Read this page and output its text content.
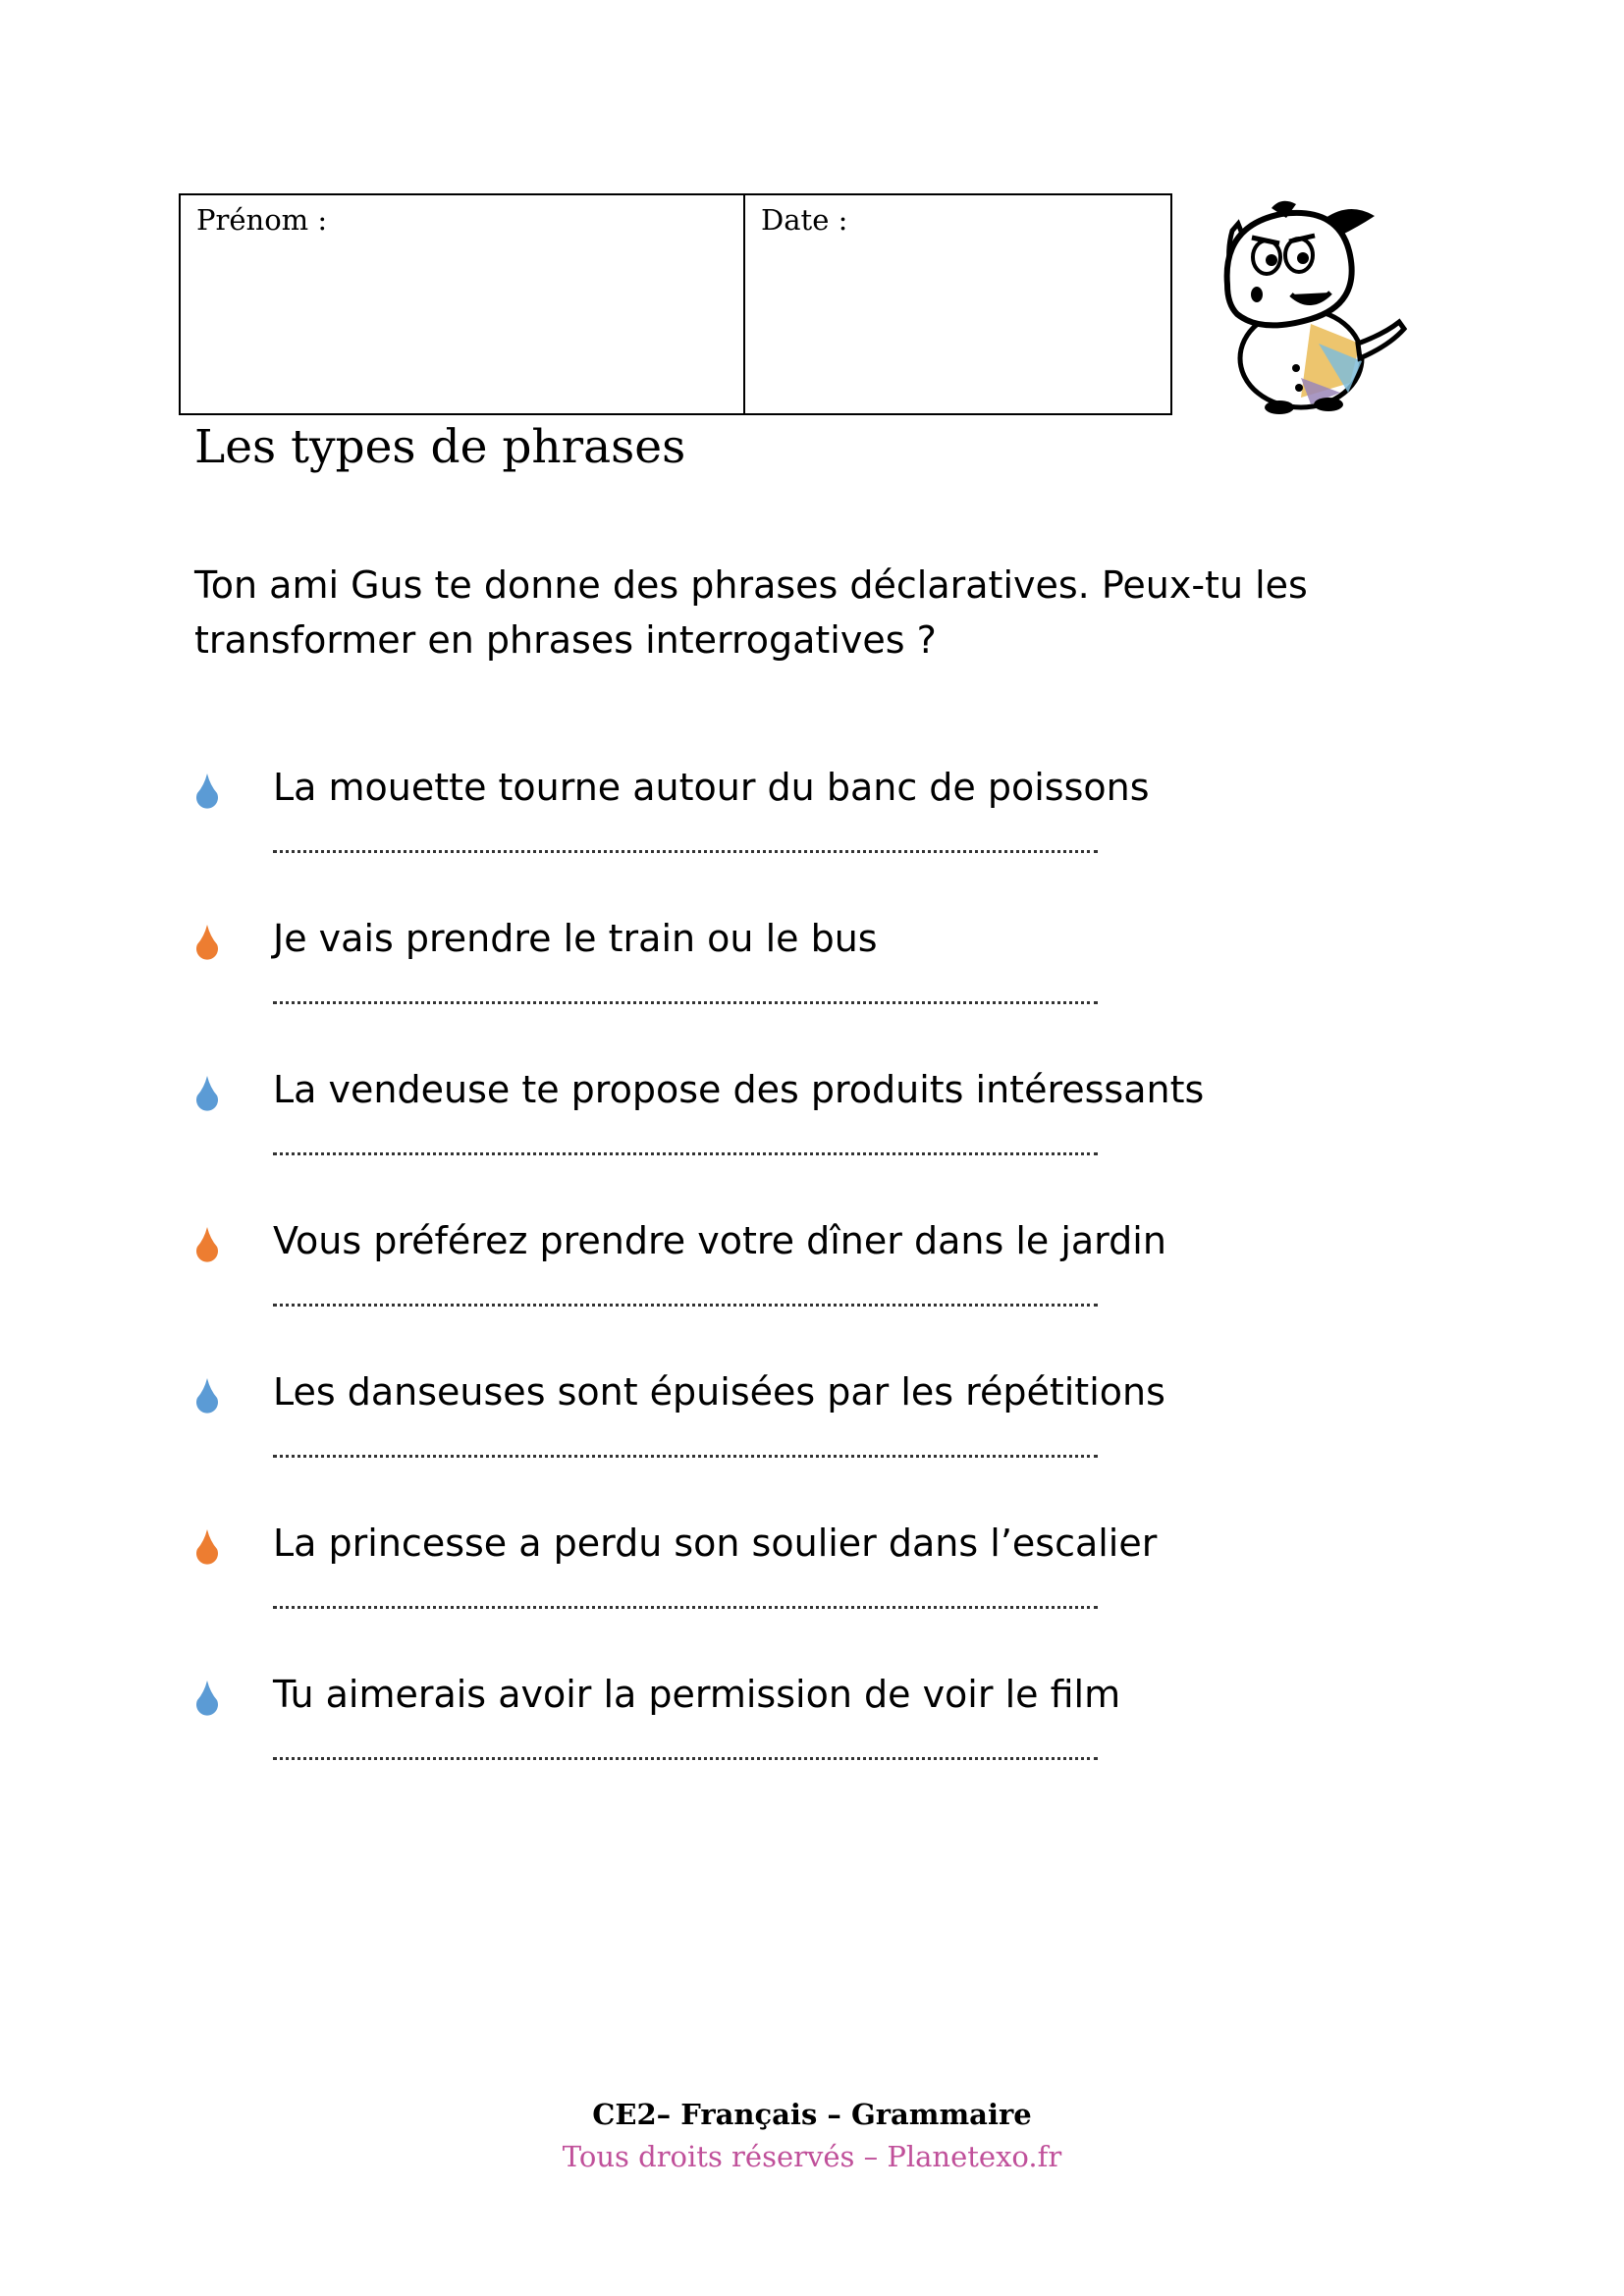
Prénom :	Date :
Les types de phrases

Ton ami Gus te donne des phrases déclaratives. Peux-tu les transformer en phrases interrogatives ?

La mouette tourne autour du banc de poissons
Je vais prendre le train ou le bus
La vendeuse te propose des produits intéressants
Vous préférez prendre votre dîner dans le jardin
Les danseuses sont épuisées par les répétitions
La princesse a perdu son soulier dans l’escalier
Tu aimerais avoir la permission de voir le film
CE2– Français – Grammaire
Tous droits réservés – Planetexo.fr
